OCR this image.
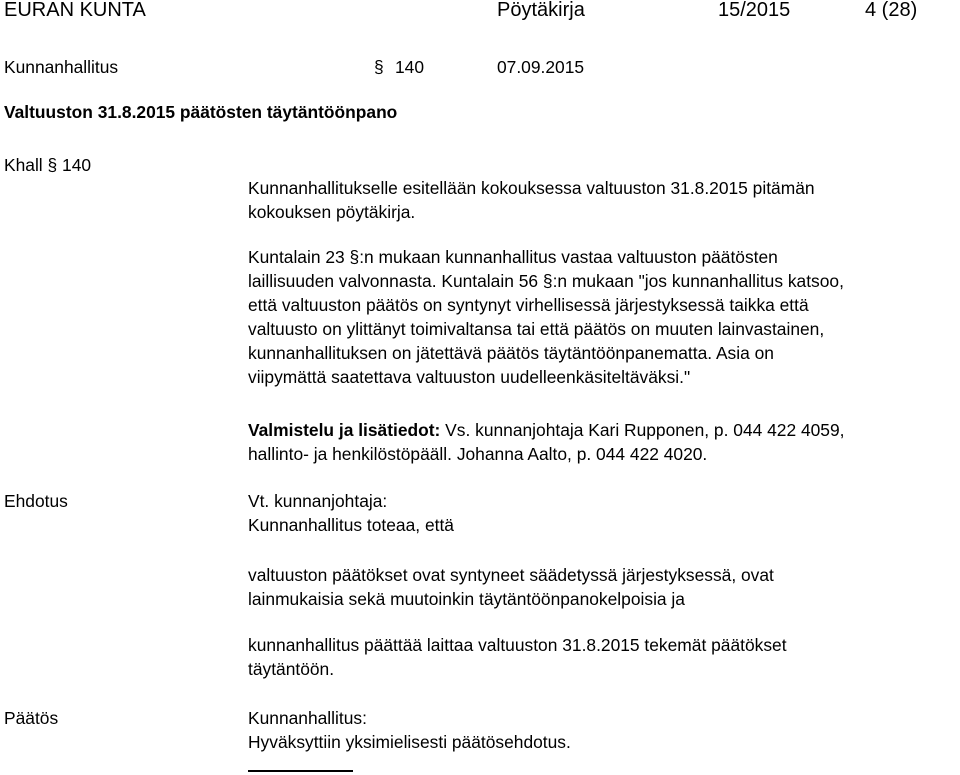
EURAN KUNTA	Pöytäkirja	15/2015	4 (28)
Kunnanhallitus	§ 140	07.09.2015
Valtuuston 31.8.2015 päätösten täytäntöönpano
Khall § 140
Kunnanhallitukselle esitellään kokouksessa valtuuston 31.8.2015 pitämän
kokouksen pöytäkirja.
Kuntalain 23 §:n mukaan kunnanhallitus vastaa valtuuston päätösten
laillisuuden valvonnasta. Kuntalain 56 §:n mukaan "jos kunnanhallitus katsoo,
että valtuuston päätös on syntynyt virhellisessä järjestyksessä taikka että
valtuusto on ylittänyt toimivaltansa tai että päätös on muuten lainvastainen,
kunnanhallituksen on jätettävä päätös täytäntöönpanematta. Asia on
viipymättä saatettava valtuuston uudelleenkäsiteltäväksi."
Valmistelu ja lisätiedot: Vs. kunnanjohtaja Kari Rupponen, p. 044 422 4059,
hallinto- ja henkilöstöpääll. Johanna Aalto, p. 044 422 4020.
Ehdotus	Vt. kunnanjohtaja:
Kunnanhallitus toteaa, että
valtuuston päätökset ovat syntyneet säädetyssä järjestyksessä, ovat
lainmukaisia sekä muutoinkin täytäntöönpanokelpoisia ja
kunnanhallitus päättää laittaa valtuuston 31.8.2015 tekemät päätökset
täytäntöön.
Päätös	Kunnanhallitus:
Hyväksyttiin yksimielisesti päätösehdotus.
